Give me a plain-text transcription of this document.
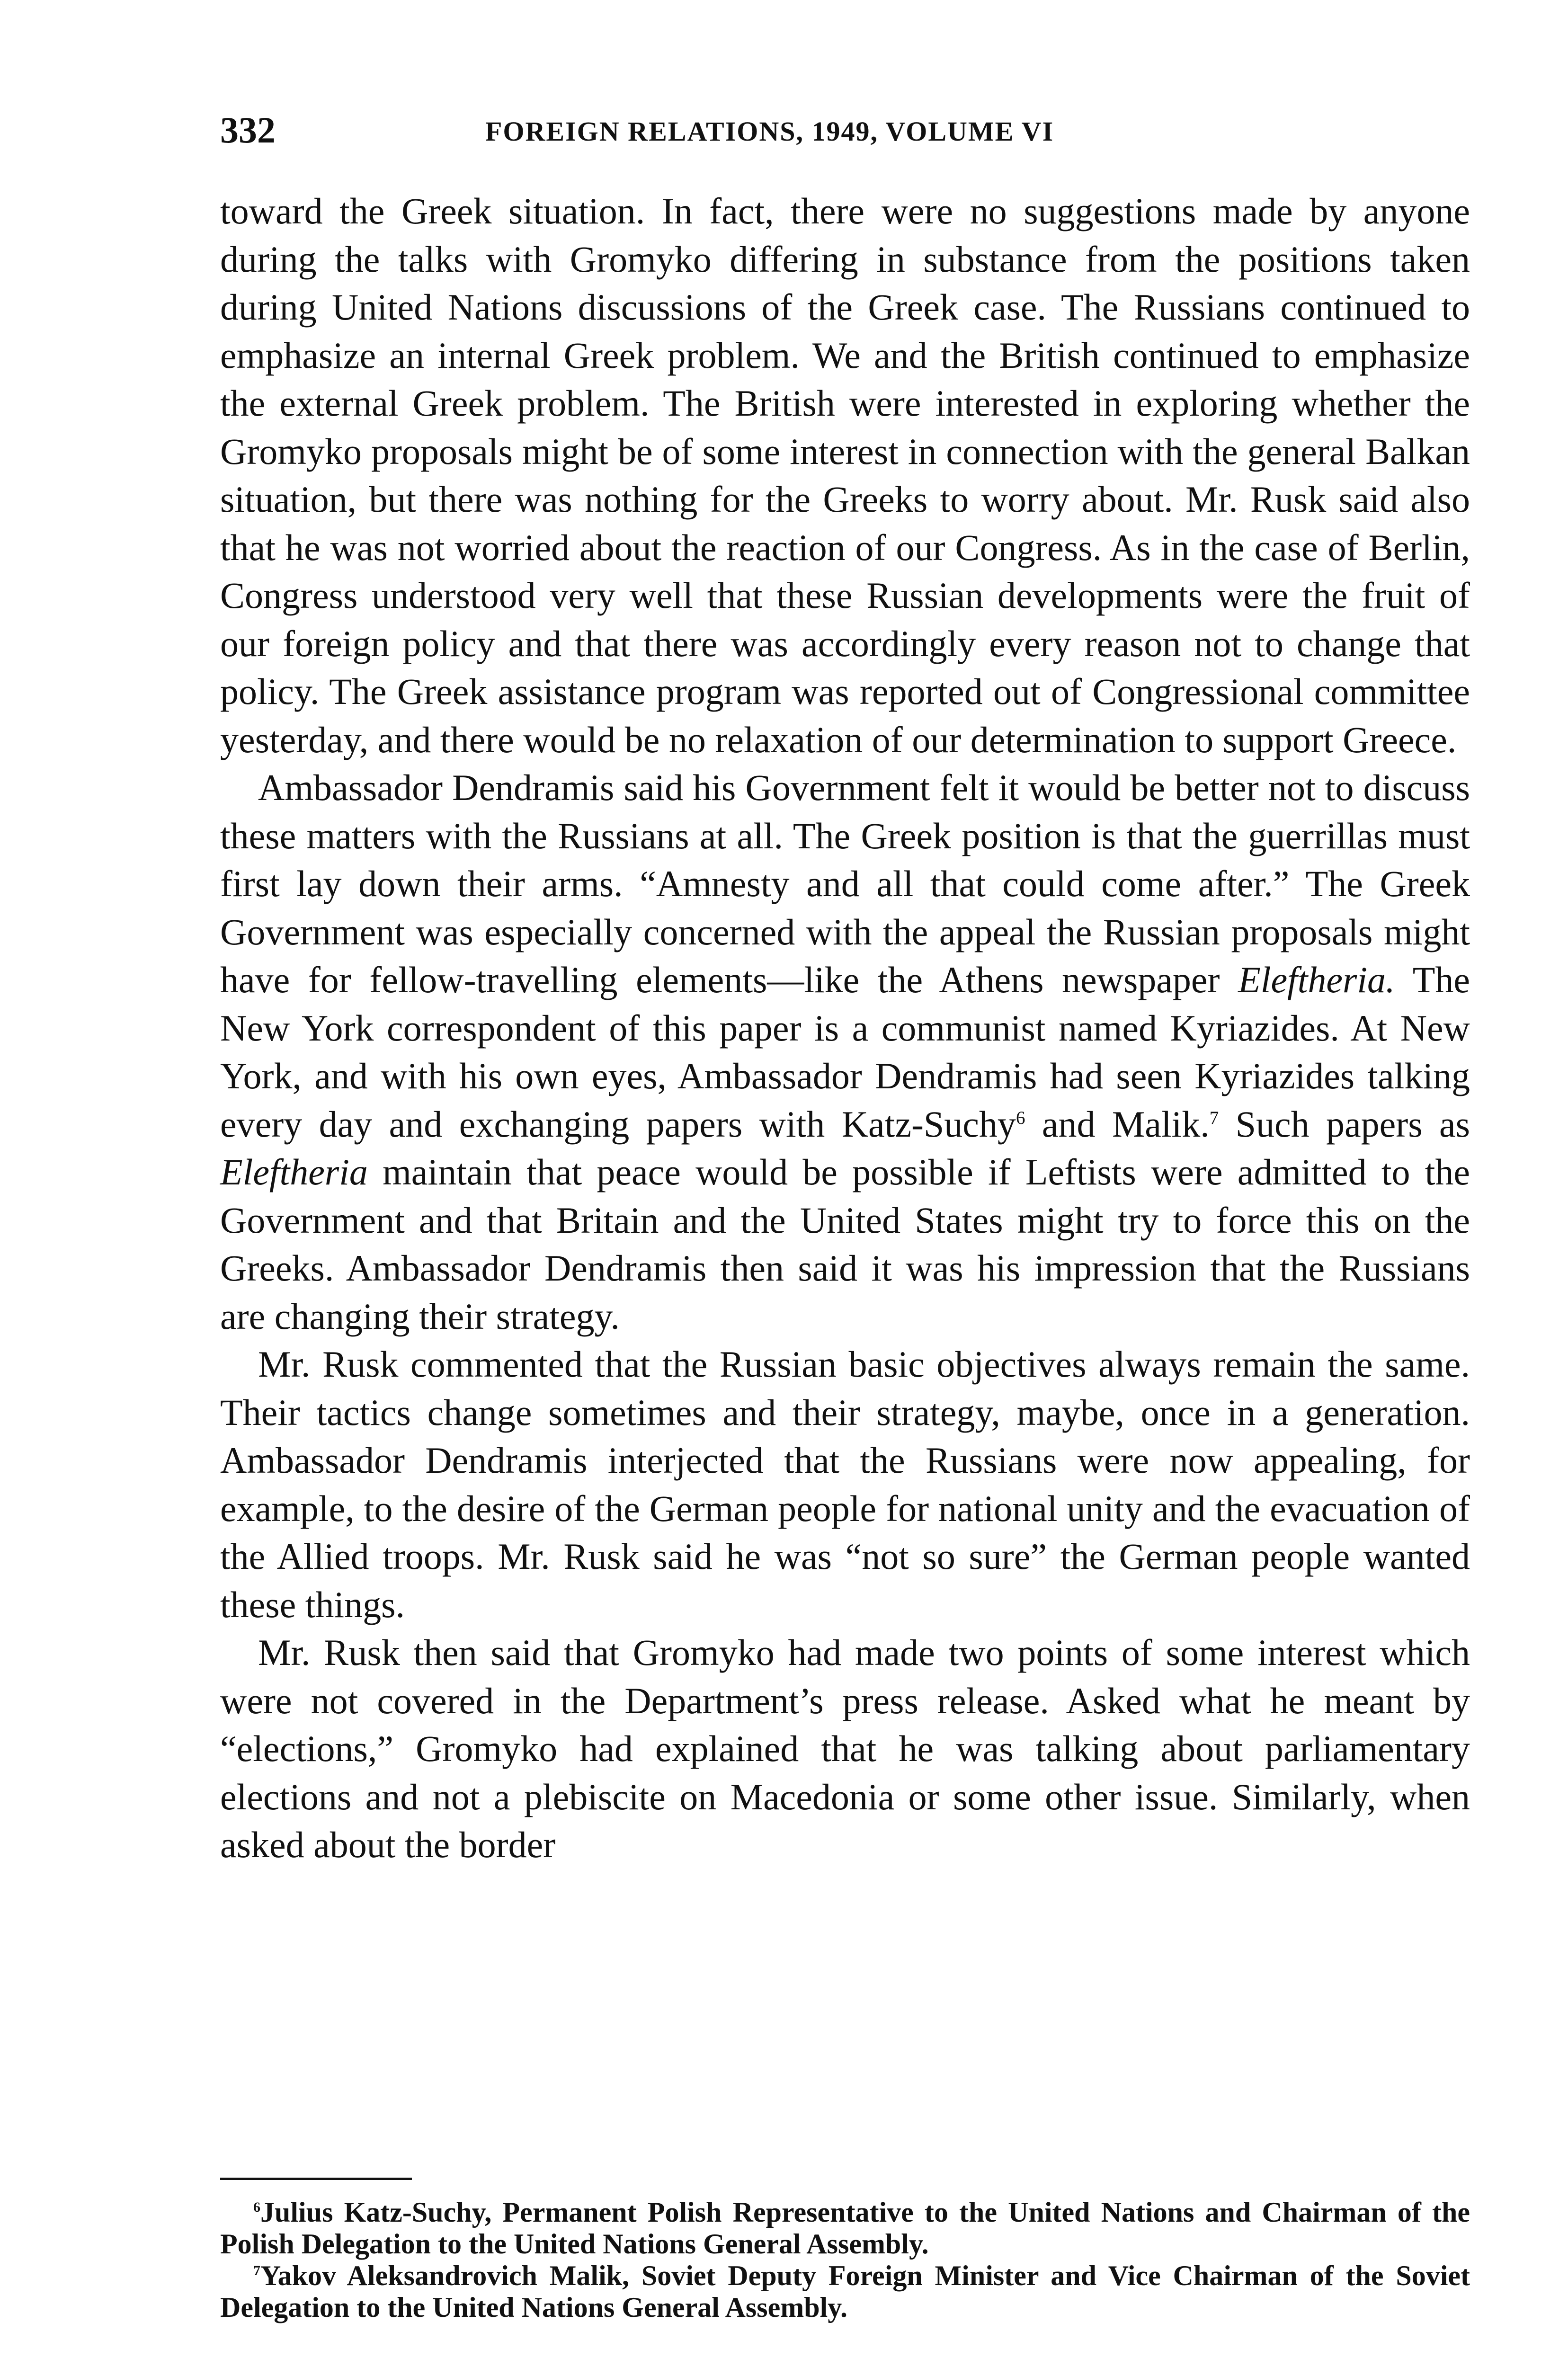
332	FOREIGN RELATIONS, 1949, VOLUME VI

toward the Greek situation. In fact, there were no suggestions made by anyone during the talks with Gromyko differing in substance from the positions taken during United Nations discussions of the Greek case. The Russians continued to emphasize an internal Greek problem. We and the British continued to emphasize the external Greek problem. The British were interested in exploring whether the Gromyko proposals might be of some interest in connection with the general Balkan situation, but there was nothing for the Greeks to worry about. Mr. Rusk said also that he was not worried about the reaction of our Congress. As in the case of Berlin, Congress understood very well that these Russian developments were the fruit of our foreign policy and that there was accordingly every reason not to change that policy. The Greek assistance program was reported out of Congressional committee yesterday, and there would be no relaxation of our determination to support Greece.

Ambassador Dendramis said his Government felt it would be better not to discuss these matters with the Russians at all. The Greek position is that the guerrillas must first lay down their arms. “Amnesty and all that could come after.” The Greek Government was especially concerned with the appeal the Russian proposals might have for fellow-travelling elements—like the Athens newspaper Eleftheria. The New York correspondent of this paper is a communist named Kyriazides. At New York, and with his own eyes, Ambassador Dendramis had seen Kyriazides talking every day and exchanging papers with Katz-Suchy$^6$ and Malik.$^7$ Such papers as Eleftheria maintain that peace would be possible if Leftists were admitted to the Government and that Britain and the United States might try to force this on the Greeks. Ambassador Dendramis then said it was his impression that the Russians are changing their strategy.

Mr. Rusk commented that the Russian basic objectives always remain the same. Their tactics change sometimes and their strategy, maybe, once in a generation. Ambassador Dendramis interjected that the Russians were now appealing, for example, to the desire of the German people for national unity and the evacuation of the Allied troops. Mr. Rusk said he was “not so sure” the German people wanted these things.

Mr. Rusk then said that Gromyko had made two points of some interest which were not covered in the Department’s press release. Asked what he meant by “elections,” Gromyko had explained that he was talking about parliamentary elections and not a plebiscite on Macedonia or some other issue. Similarly, when asked about the border

$^6$Julius Katz-Suchy, Permanent Polish Representative to the United Nations and Chairman of the Polish Delegation to the United Nations General Assembly.

$^7$Yakov Aleksandrovich Malik, Soviet Deputy Foreign Minister and Vice Chairman of the Soviet Delegation to the United Nations General Assembly.
